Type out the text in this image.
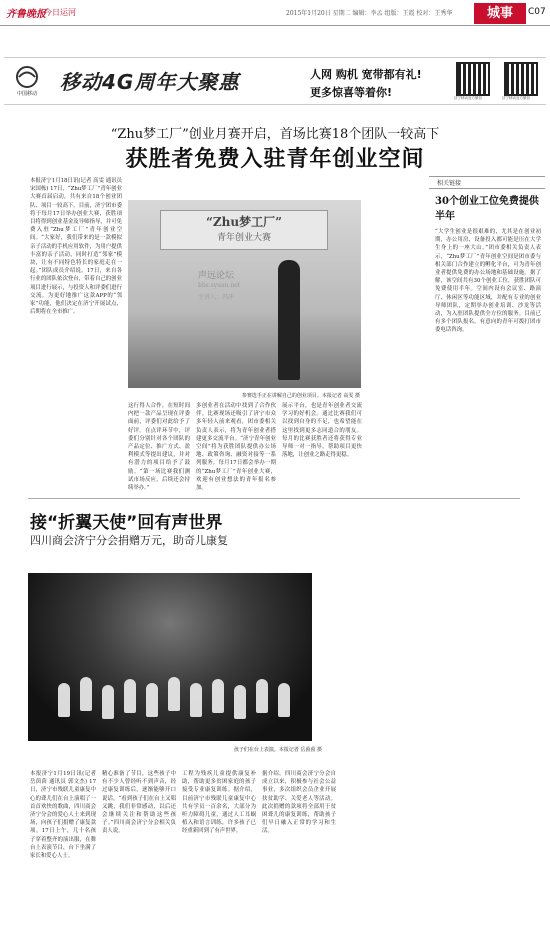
齐鲁晚报
今日运河	2015年1月20日 星期二 编辑：李孟 组版：王霞 校对：王秀华	城事	C07
中国移动	移动4G周年大聚惠	人网 购机 宽带都有礼!
更多惊喜等着你!	济宁移动官方微信	济宁移动官方微信
“Zhu梦工厂”创业月赛开启，首场比赛18个团队一较高下
获胜者免费入驻青年创业空间
本报济宁1月18日讯(记者 高雯 通讯员 宋国栋) 17日，“Zhu梦工厂”青年创业大赛首届启动，共有来自18个创业团队、项目一较高下。目前，济宁团市委将于每月17日举办创业大赛，获胜项目将得到创业基金及导师指导，并可免费入驻“Zhu梦工厂”青年创业空间。“大家好，我们带来的是一款模拟亲子活动的手机应用软件，为用户提供丰富的亲子活动，同时打造“邻家”模块，让有不同特色特长的家庭走在一起。”团队成员介绍说。17日，来自各行业的团队依次登台，带着自己的创业项目进行展示，与投资人和评委们进行交流。为更好地推广这款APP的“邻家”功能，他们决定在济宁开展试点，后期将在全市推广。
“Zhu梦工厂”
青年创业大赛
声远论坛
bbs.syuan.net
主讲人：冯冲
参赛选手正在讲解自己的创业项目。本报记者 高雯 摄
这行得人合作，在短时间内把一款产品呈现在评委面前，评委们对此给予了好评。在点评环节中，评委们分别针对各个团队的产品定位、推广方式、盈利模式等提出建议，并对有潜力的项目给予了鼓励。“第一场比赛我们测试市场反应，后续还会持续举办。”
多创业者在活动中找到了合作伙伴。比赛现场还吸引了济宁市众多年轻人前来观看，团市委相关负责人表示，将为青年创业者搭建更多交流平台。“济宁青年创业空间”将为获胜团队提供办公场地、政策咨询、融资对接等一系列服务。每月17日都会举办一期的“Zhu梦工厂”青年创业大赛，欢迎有创业想法的青年报名参加。
展示平台，也是青年创业者交流学习的好机会。通过比赛我们可以找到自身的不足，也希望能在这里找到更多志同道合的朋友。每月的比赛获胜者还将获得专业导师一对一指导，帮助项目更快落地，让创业之路走得更稳。
相关链接
30个创业工位免费提供半年
“大学生创业是很艰难的，尤其是在创业初期，办公用房、设备投入都可能是压在大学生身上的一座大山。”团市委相关负责人表示，“Zhu梦工厂”青年创业空间是团市委与相关部门合作建立的孵化平台，可为青年创业者提供免费的办公场地和基础设施。据了解，该空间共有30个创业工位，获胜团队可免费使用半年。空间内设有会议室、路演厅、休闲区等功能区域，并配有专业的创业导师团队，定期举办创业培训、沙龙等活动，为入驻团队提供全方位的服务。目前已有多个团队报名，有意向的青年可拨打团市委电话咨询。
接“折翼天使”回有声世界
四川商会济宁分会捐赠万元，助奇儿康复
孩子们在台上表演。本报记者 岳茵茵 摄
本报济宁1月19日讯(记者 岳茵茵 通讯员 郭文杰) 17日，济宁市残联儿童康复中心的聋儿们在台上演唱了一首首欢快的歌曲，四川商会济宁分会的爱心人士来到现场，向孩子们捐赠了康复款项。17日上午，几十名孩子穿着整齐的演出服，在舞台上表演节目，台下坐满了家长和爱心人士。
精心准备了节目，这些孩子中有不少人曾经听不到声音，经过康复训练后，逐渐能够开口说话。“看到孩子们在台上又唱又跳，我们非常感动，以后还会继续关注和帮助这些孩子。”四川商会济宁分会相关负责人说。
工程为残疾儿童提供康复补助，帮助更多贫困家庭的孩子接受专业康复训练。据介绍，目前济宁市残联儿童康复中心共有学员一百余名，大部分为听力障碍儿童，通过人工耳蜗植入和语言训练，许多孩子已经重新回到了有声世界。
据介绍，四川商会济宁分会自成立以来，积极参与社会公益事业，多次组织会员企业开展扶贫助学、关爱老人等活动。此次捐赠的款项将全部用于贫困聋儿的康复训练，帮助孩子们早日融入正常的学习和生活。
